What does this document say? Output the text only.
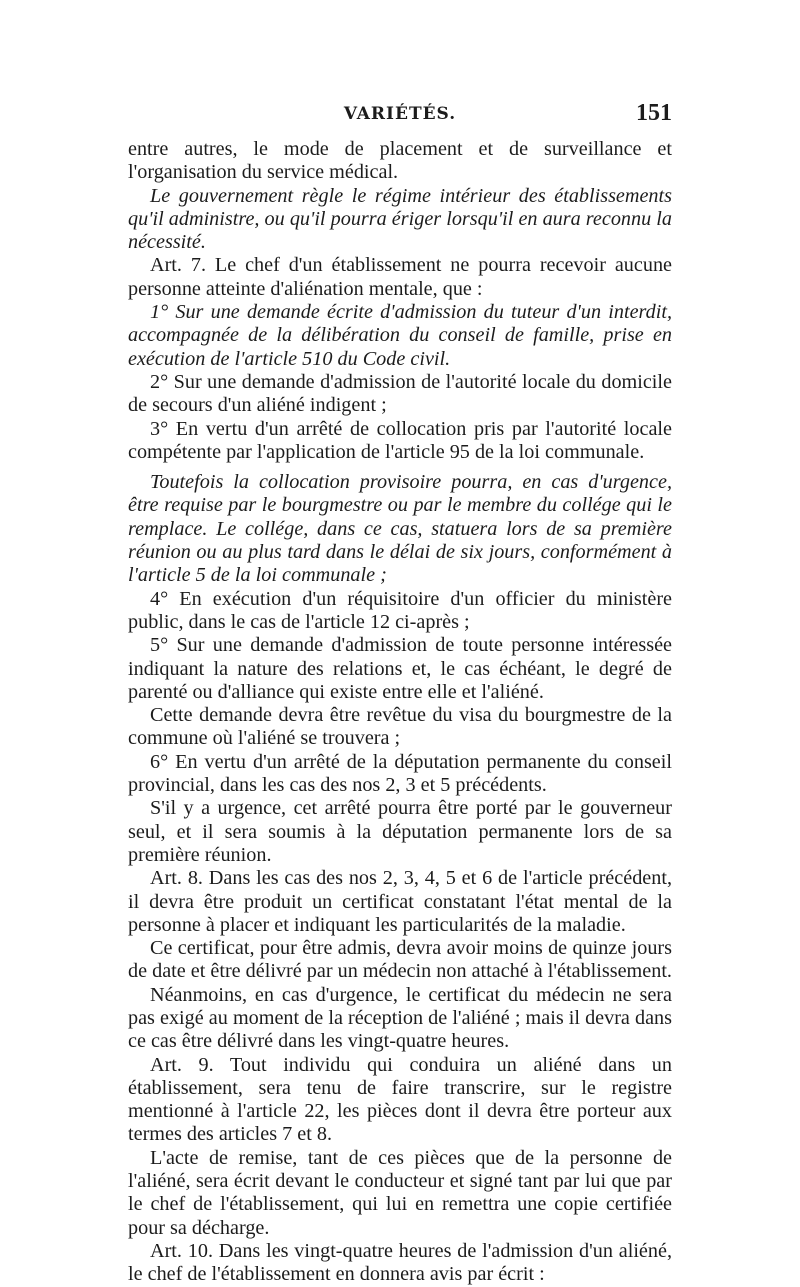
VARIÉTÉS.	151

entre autres, le mode de placement et de surveillance et l'organisation du service médical.

Le gouvernement règle le régime intérieur des établissements qu'il administre, ou qu'il pourra ériger lorsqu'il en aura reconnu la nécessité.

Art. 7. Le chef d'un établissement ne pourra recevoir aucune personne atteinte d'aliénation mentale, que :

1° Sur une demande écrite d'admission du tuteur d'un interdit, accompagnée de la délibération du conseil de famille, prise en exécution de l'article 510 du Code civil.

2° Sur une demande d'admission de l'autorité locale du domicile de secours d'un aliéné indigent ;

3° En vertu d'un arrêté de collocation pris par l'autorité locale compétente par l'application de l'article 95 de la loi communale.

Toutefois la collocation provisoire pourra, en cas d'urgence, être requise par le bourgmestre ou par le membre du collége qui le remplace. Le collége, dans ce cas, statuera lors de sa première réunion ou au plus tard dans le délai de six jours, conformément à l'article 5 de la loi communale ;

4° En exécution d'un réquisitoire d'un officier du ministère public, dans le cas de l'article 12 ci-après ;

5° Sur une demande d'admission de toute personne intéressée indiquant la nature des relations et, le cas échéant, le degré de parenté ou d'alliance qui existe entre elle et l'aliéné.

Cette demande devra être revêtue du visa du bourgmestre de la commune où l'aliéné se trouvera ;

6° En vertu d'un arrêté de la députation permanente du conseil provincial, dans les cas des nos 2, 3 et 5 précédents.

S'il y a urgence, cet arrêté pourra être porté par le gouverneur seul, et il sera soumis à la députation permanente lors de sa première réunion.

Art. 8. Dans les cas des nos 2, 3, 4, 5 et 6 de l'article précédent, il devra être produit un certificat constatant l'état mental de la personne à placer et indiquant les particularités de la maladie.

Ce certificat, pour être admis, devra avoir moins de quinze jours de date et être délivré par un médecin non attaché à l'établissement.

Néanmoins, en cas d'urgence, le certificat du médecin ne sera pas exigé au moment de la réception de l'aliéné ; mais il devra dans ce cas être délivré dans les vingt-quatre heures.

Art. 9. Tout individu qui conduira un aliéné dans un établissement, sera tenu de faire transcrire, sur le registre mentionné à l'article 22, les pièces dont il devra être porteur aux termes des articles 7 et 8.

L'acte de remise, tant de ces pièces que de la personne de l'aliéné, sera écrit devant le conducteur et signé tant par lui que par le chef de l'établissement, qui lui en remettra une copie certifiée pour sa décharge.

Art. 10. Dans les vingt-quatre heures de l'admission d'un aliéné, le chef de l'établissement en donnera avis par écrit :
